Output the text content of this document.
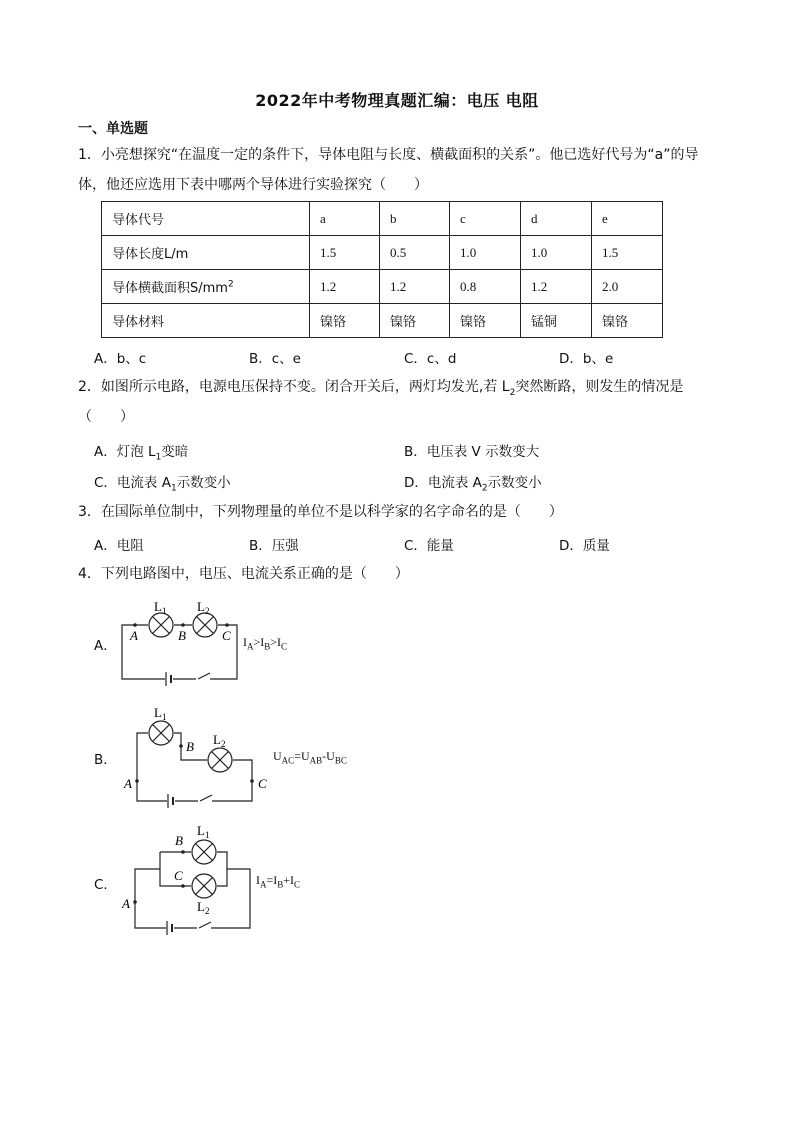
2022年中考物理真题汇编：电压 电阻
一、单选题
1．小亮想探究“在温度一定的条件下，导体电阻与长度、横截面积的关系”。他已选好代号为“a”的导
体，他还应选用下表中哪两个导体进行实验探究（　　）
导体代号	a	b	c	d	e
导体长度L/m	1.5	0.5	1.0	1.0	1.5
导体横截面积$S/mm^2$	1.2	1.2	0.8	1.2	2.0
导体材料	镍铬	镍铬	镍铬	锰铜	镍铬
A．b、c	B．c、e	C．c、d	D．b、e
2．如图所示电路，电源电压保持不变。闭合开关后，两灯均发光,若 $L_2$突然断路，则发生的情况是
（　　）
A．灯泡 $L_1$变暗	B．电压表 V 示数变大
C．电流表 $A_1$示数变小	D．电流表 $A_2$示数变小
3．在国际单位制中，下列物理量的单位不是以科学家的名字命名的是（　　）
A．电阻	B．压强	C．能量	D．质量
4．下列电路图中，电压、电流关系正确的是（　　）
A．
B．
C．
$L_1$ $L_2$
A	B	C
$L_1$
$L_2$
B
A	C
$L_1$
$L_2$
B
C
A
$I_A>I_B>I_C$
$U_{AC}=U_{AB}-U_{BC}$
$I_A=I_B+I_C$
